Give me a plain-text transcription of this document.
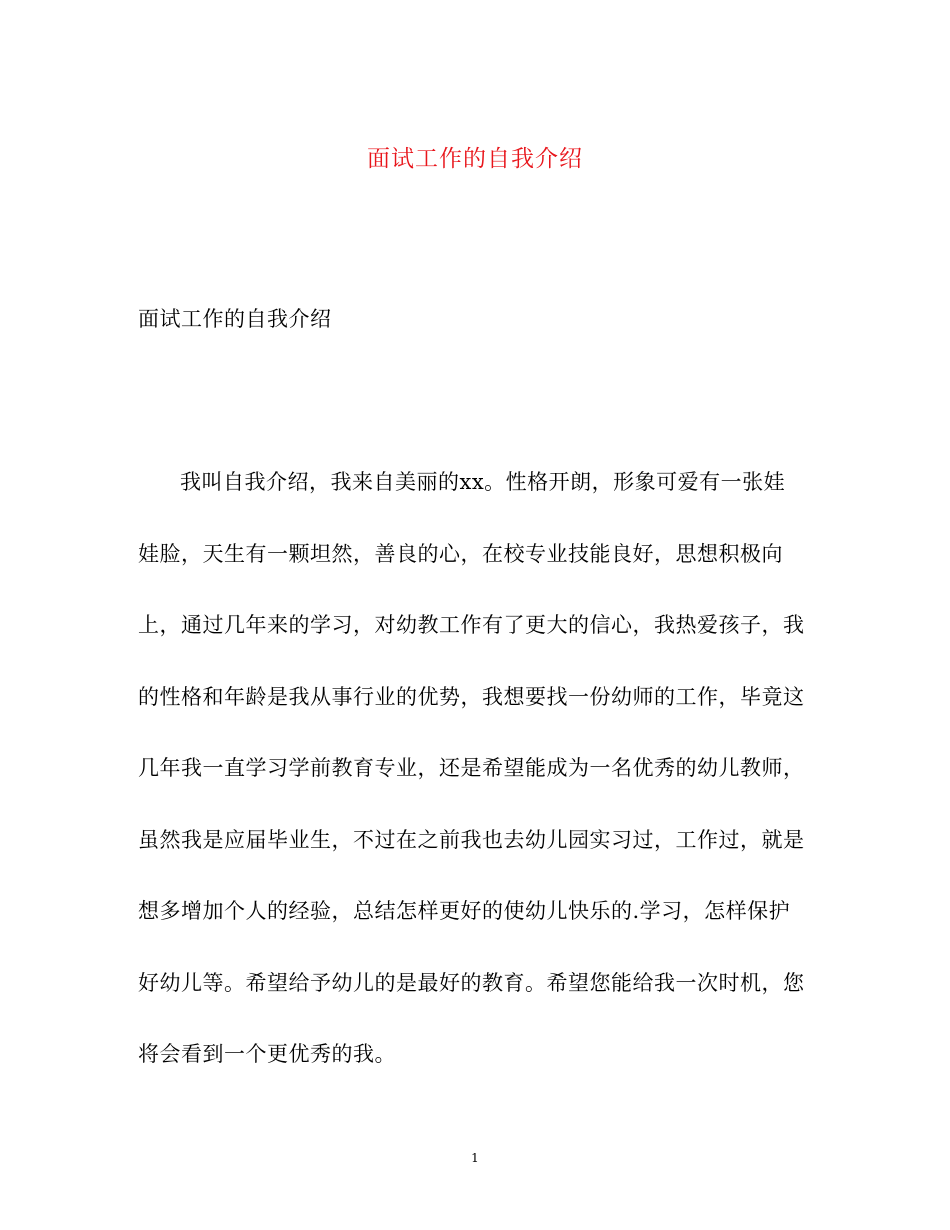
面试工作的自我介绍
面试工作的自我介绍
我叫自我介绍，我来自美丽的xx。性格开朗，形象可爱有一张娃
娃脸，天生有一颗坦然，善良的心，在校专业技能良好，思想积极向
上，通过几年来的学习，对幼教工作有了更大的信心，我热爱孩子，我
的性格和年龄是我从事行业的优势，我想要找一份幼师的工作，毕竟这
几年我一直学习学前教育专业，还是希望能成为一名优秀的幼儿教师，
虽然我是应届毕业生，不过在之前我也去幼儿园实习过，工作过，就是
想多增加个人的经验，总结怎样更好的使幼儿快乐的.学习，怎样保护
好幼儿等。希望给予幼儿的是最好的教育。希望您能给我一次时机，您
将会看到一个更优秀的我。
1
